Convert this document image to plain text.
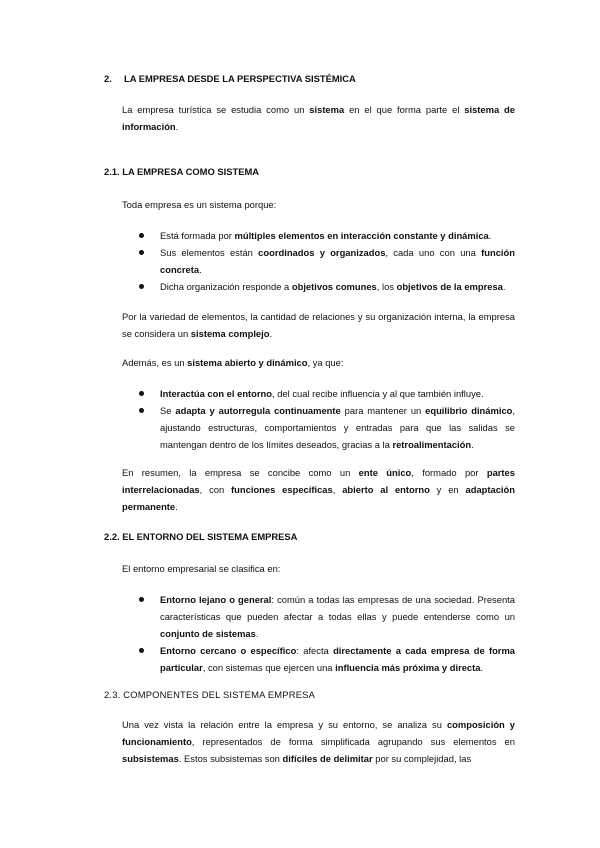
2. LA EMPRESA DESDE LA PERSPECTIVA SISTÉMICA
La empresa turística se estudia como un sistema en el que forma parte el sistema de información.
2.1. LA EMPRESA COMO SISTEMA
Toda empresa es un sistema porque:
Está formada por múltiples elementos en interacción constante y dinámica.
Sus elementos están coordinados y organizados, cada uno con una función concreta.
Dicha organización responde a objetivos comunes, los objetivos de la empresa.
Por la variedad de elementos, la cantidad de relaciones y su organización interna, la empresa se considera un sistema complejo.
Además, es un sistema abierto y dinámico, ya que:
Interactúa con el entorno, del cual recibe influencia y al que también influye.
Se adapta y autorregula continuamente para mantener un equilibrio dinámico, ajustando estructuras, comportamientos y entradas para que las salidas se mantengan dentro de los límites deseados, gracias a la retroalimentación.
En resumen, la empresa se concibe como un ente único, formado por partes interrelacionadas, con funciones específicas, abierto al entorno y en adaptación permanente.
2.2. EL ENTORNO DEL SISTEMA EMPRESA
El entorno empresarial se clasifica en:
Entorno lejano o general: común a todas las empresas de una sociedad. Presenta características que pueden afectar a todas ellas y puede entenderse como un conjunto de sistemas.
Entorno cercano o específico: afecta directamente a cada empresa de forma particular, con sistemas que ejercen una influencia más próxima y directa.
2.3. COMPONENTES DEL SISTEMA EMPRESA
Una vez vista la relación entre la empresa y su entorno, se analiza su composición y funcionamiento, representados de forma simplificada agrupando sus elementos en subsistemas. Estos subsistemas son difíciles de delimitar por su complejidad, las
